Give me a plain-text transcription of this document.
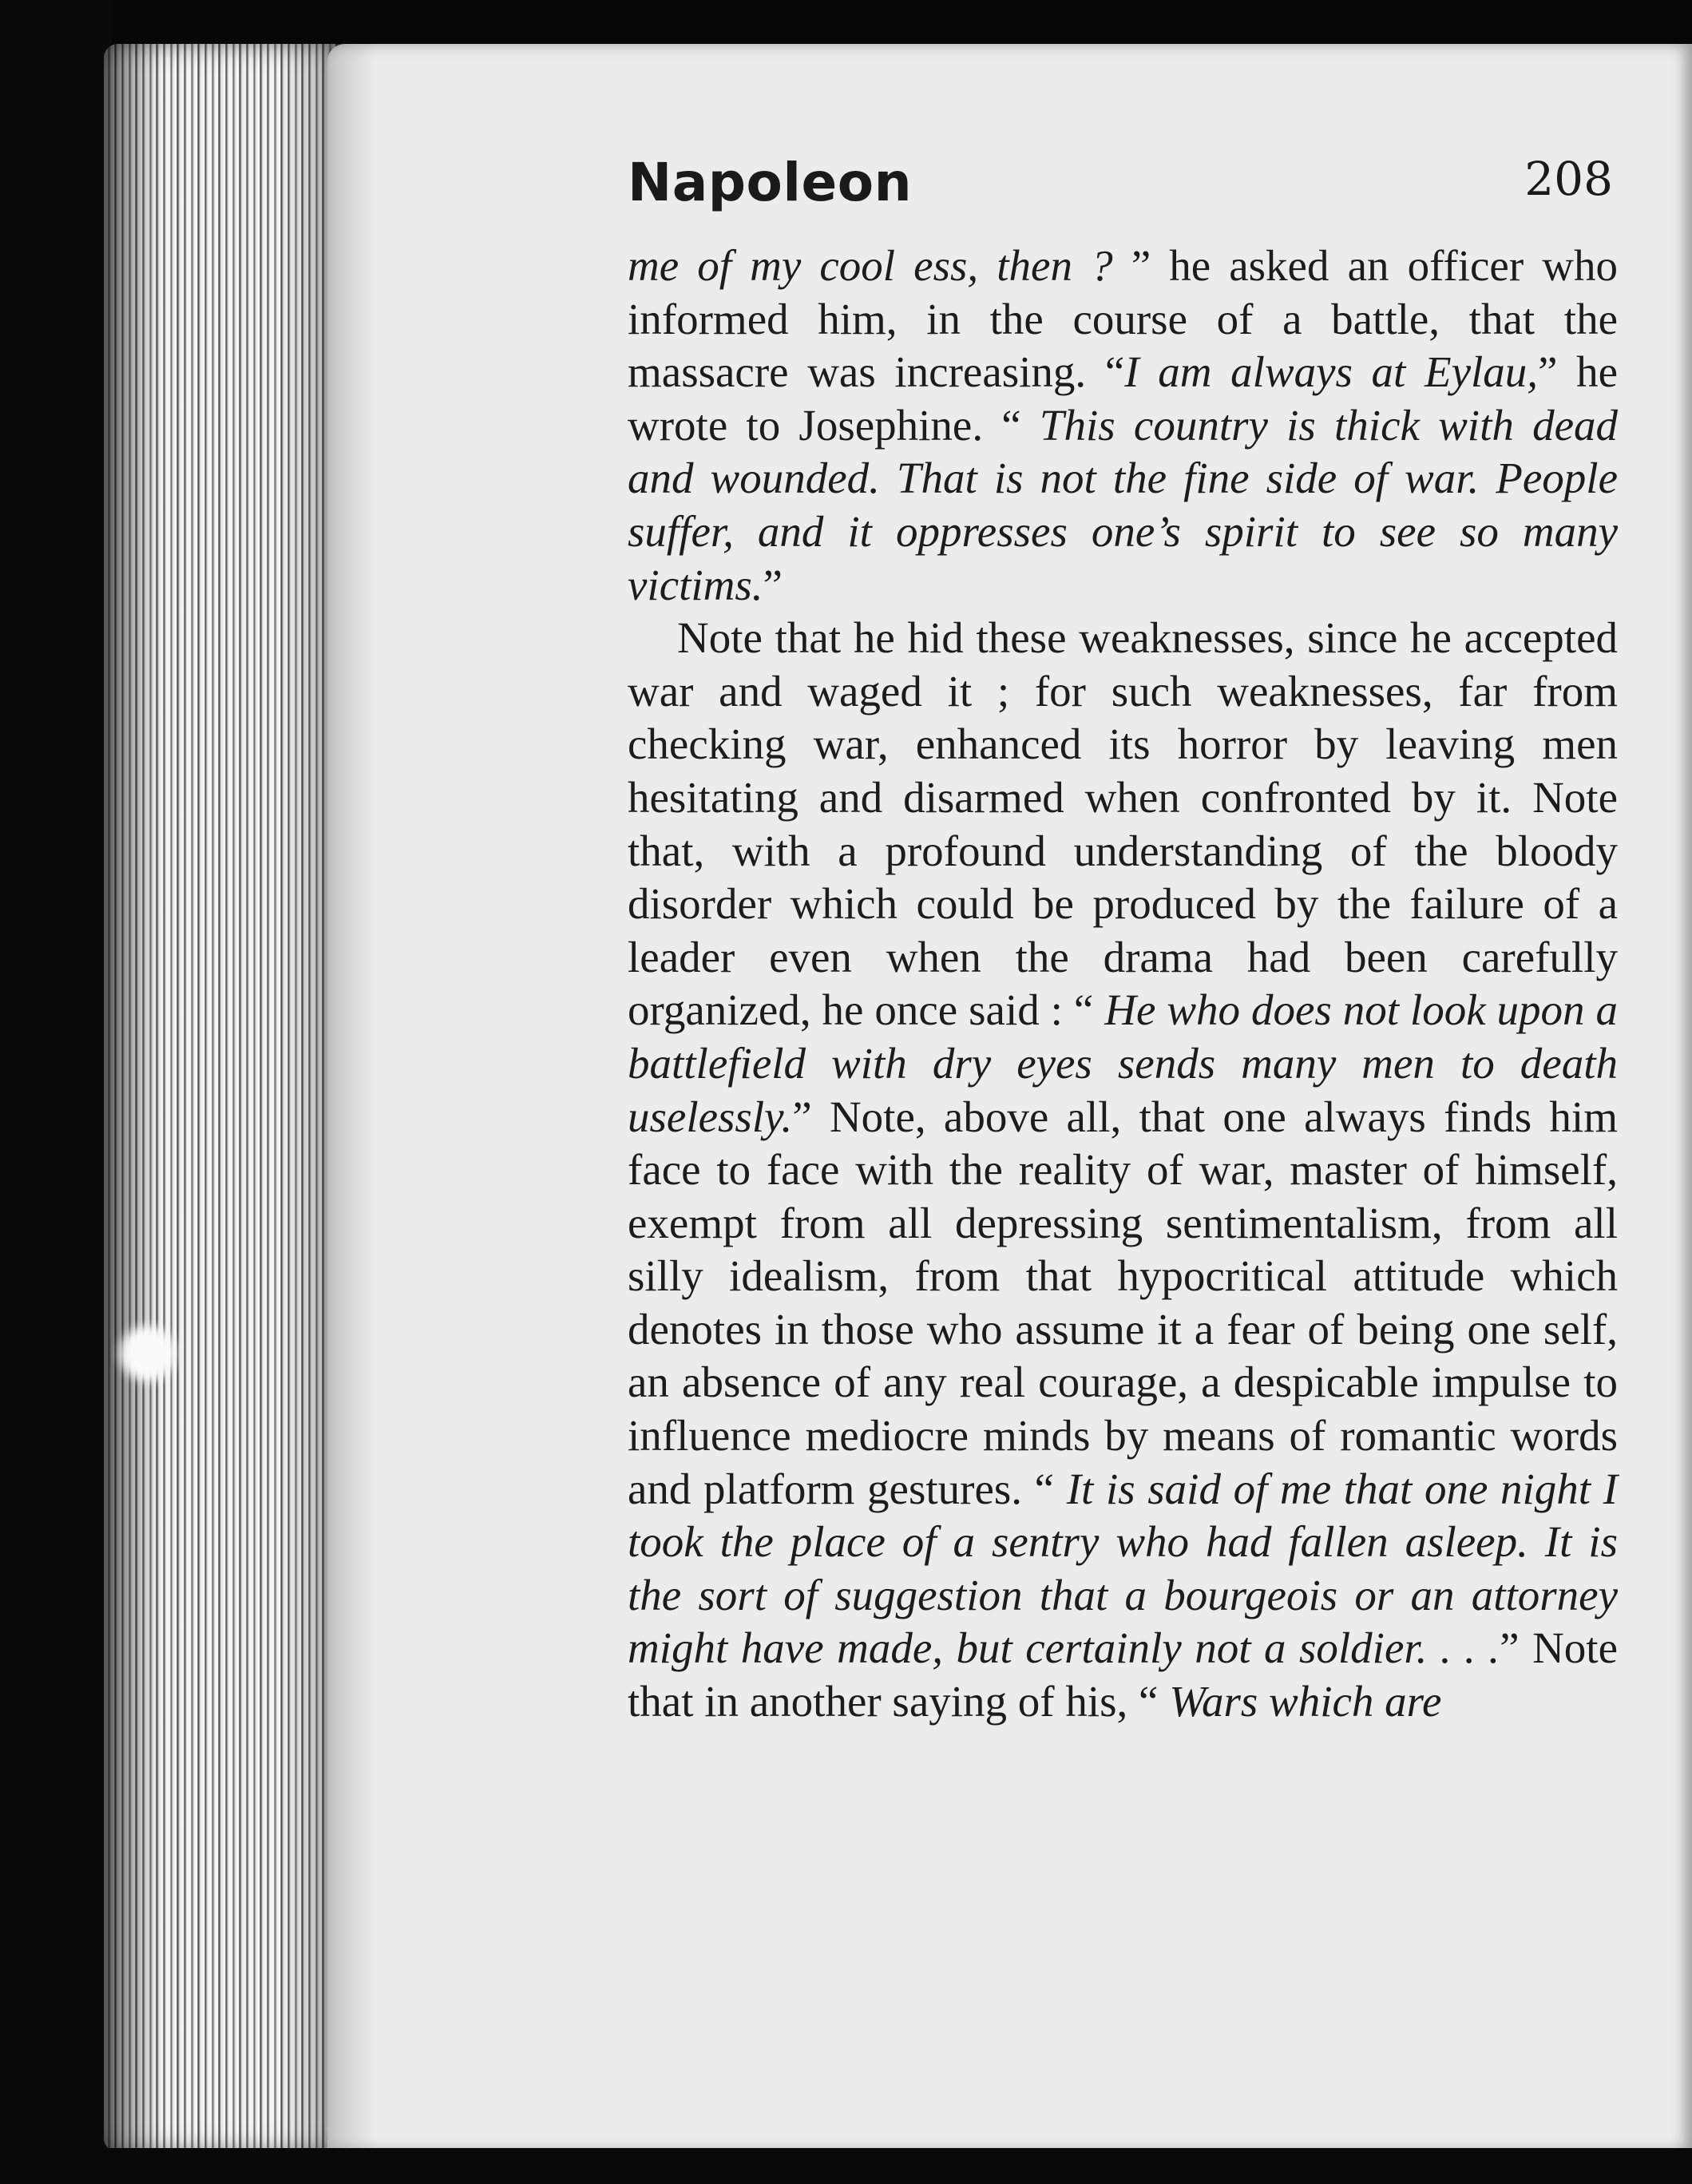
Napoleon	208

me of my cool ess, then ? ” he asked an officer who informed him, in the course of a battle, that the massacre was increasing. “I am always at Eylau,” he wrote to Josephine. “ This country is thick with dead and wounded. That is not the fine side of war. People suffer, and it oppresses one’s spirit to see so many victims.”

Note that he hid these weaknesses, since he accepted war and waged it ; for such weaknesses, far from checking war, enhanced its horror by leaving men hesitating and disarmed when confronted by it. Note that, with a profound understanding of the bloody disorder which could be produced by the failure of a leader even when the drama had been carefully organized, he once said : “ He who does not look upon a battlefield with dry eyes sends many men to death uselessly.” Note, above all, that one always finds him face to face with the reality of war, master of himself, exempt from all depressing sentimentalism, from all silly idealism, from that hypocritical attitude which denotes in those who assume it a fear of being one self, an absence of any real courage, a despicable impulse to influence mediocre minds by means of romantic words and platform gestures. “ It is said of me that one night I took the place of a sentry who had fallen asleep. It is the sort of suggestion that a bourgeois or an attorney might have made, but certainly not a soldier. . . .” Note that in another saying of his, “ Wars which are
